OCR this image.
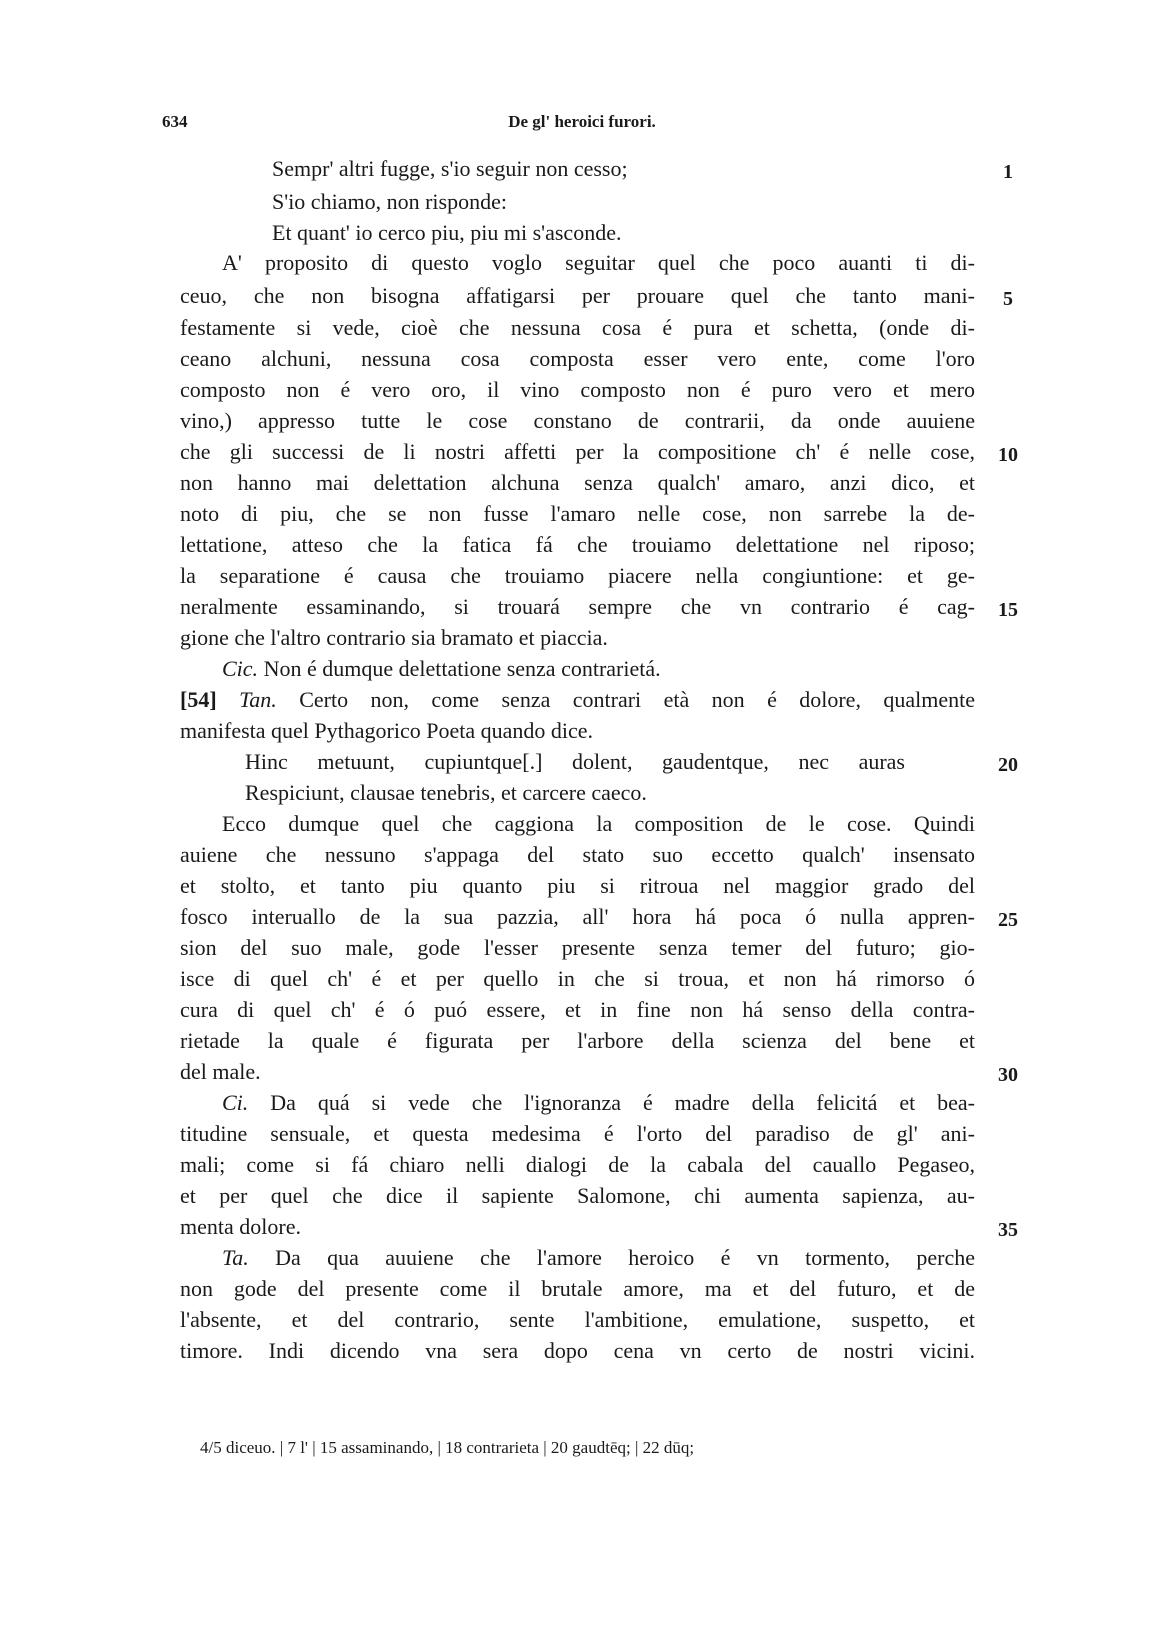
634	De gl' heroici furori.
Sempr' altri fugge, s'io seguir non cesso;
S'io chiamo, non risponde:
Et quant' io cerco piu, piu mi s'asconde.
A' proposito di questo voglo seguitar quel che poco auanti ti di-
ceuo, che non bisogna affatigarsi per prouare quel che tanto mani-
festamente si vede, cioè che nessuna cosa é pura et schetta, (onde di-
ceano alchuni, nessuna cosa composta esser vero ente, come l'oro
composto non é vero oro, il vino composto non é puro vero et mero
vino,) appresso tutte le cose constano de contrarii, da onde auuiene
che gli successi de li nostri affetti per la compositione ch' é nelle cose,
non hanno mai delettation alchuna senza qualch' amaro, anzi dico, et
noto di piu, che se non fusse l'amaro nelle cose, non sarrebe la de-
lettatione, atteso che la fatica fá che trouiamo delettatione nel riposo;
la separatione é causa che trouiamo piacere nella congiuntione: et ge-
neralmente essaminando, si trouará sempre che vn contrario é cag-
gione che l'altro contrario sia bramato et piaccia.
Cic. Non é dumque delettatione senza contrarietá.
[54] Tan. Certo non, come senza contrari età non é dolore, qualmente
manifesta quel Pythagorico Poeta quando dice.
Hinc metuunt, cupiuntque[.] dolent, gaudentque, nec auras
Respiciunt, clausae tenebris, et carcere caeco.
Ecco dumque quel che caggiona la composition de le cose. Quindi
auiene che nessuno s'appaga del stato suo eccetto qualch' insensato
et stolto, et tanto piu quanto piu si ritroua nel maggior grado del
fosco interuallo de la sua pazzia, all' hora há poca ó nulla appren-
sion del suo male, gode l'esser presente senza temer del futuro; gio-
isce di quel ch' é et per quello in che si troua, et non há rimorso ó
cura di quel ch' é ó puó essere, et in fine non há senso della contra-
rietade la quale é figurata per l'arbore della scienza del bene et
del male.
Ci. Da quá si vede che l'ignoranza é madre della felicitá et bea-
titudine sensuale, et questa medesima é l'orto del paradiso de gl' ani-
mali; come si fá chiaro nelli dialogi de la cabala del cauallo Pegaseo,
et per quel che dice il sapiente Salomone, chi aumenta sapienza, au-
menta dolore.
Ta. Da qua auuiene che l'amore heroico é vn tormento, perche
non gode del presente come il brutale amore, ma et del futuro, et de
l'absente, et del contrario, sente l'ambitione, emulatione, suspetto, et
timore. Indi dicendo vna sera dopo cena vn certo de nostri vicini.
1
5
10
15
20
25
30
35
4/5 diceuo. | 7 l' | 15 assaminando, | 18 contrarieta | 20 gaudtēq; | 22 dūq;
